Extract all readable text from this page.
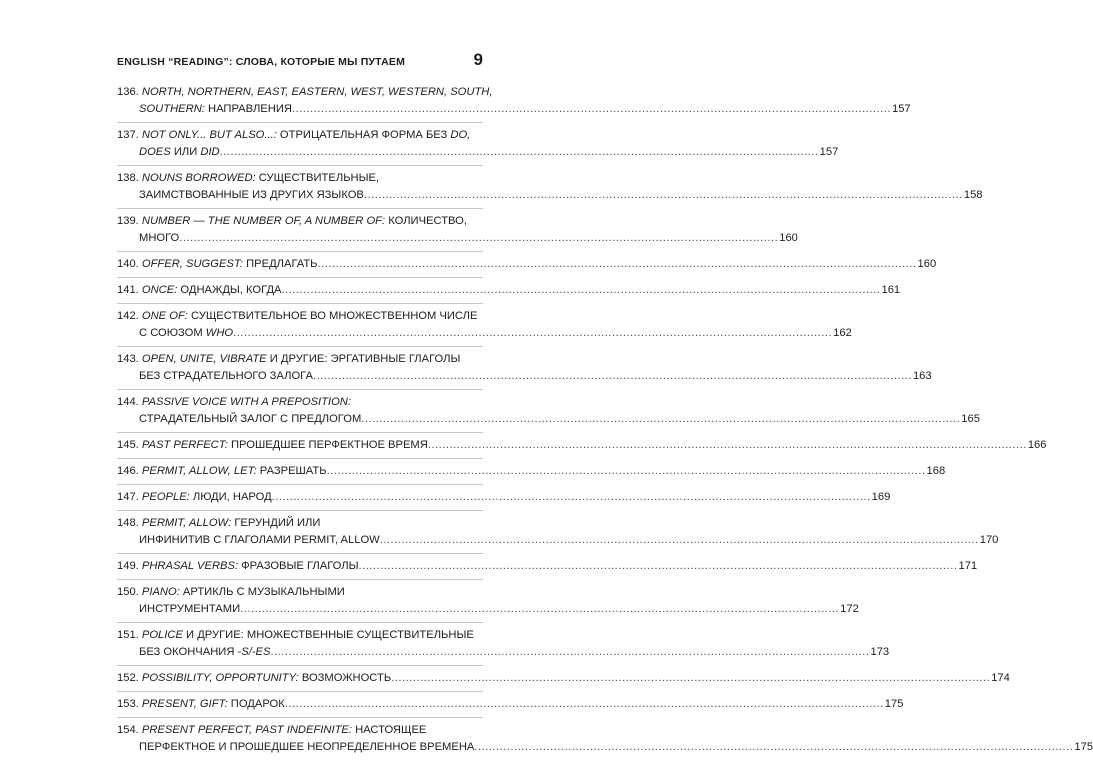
ENGLISH “READING”: СЛОВА, КОТОРЫЕ МЫ ПУТАЕМ	9
136. NORTH, NORTHERN, EAST, EASTERN, WEST, WESTERN, SOUTH,
SOUTHERN: НАПРАВЛЕНИЯ .....	157
137. NOT ONLY... BUT ALSO...: ОТРИЦАТЕЛЬНАЯ ФОРМА БЕЗ DO,
DOES ИЛИ DID .....	157
138. NOUNS BORROWED: СУЩЕСТВИТЕЛЬНЫЕ,
ЗАИМСТВОВАННЫЕ ИЗ ДРУГИХ ЯЗЫКОВ .....	158
139. NUMBER — THE NUMBER OF, A NUMBER OF: КОЛИЧЕСТВО,
МНОГО .....	160
140. OFFER, SUGGEST: ПРЕДЛАГАТЬ .....	160
141. ONCE: ОДНАЖДЫ, КОГДА .....	161
142. ONE OF: СУЩЕСТВИТЕЛЬНОЕ ВО МНОЖЕСТВЕННОМ ЧИСЛЕ
С СОЮЗОМ WHO .....	162
143. OPEN, UNITE, VIBRATE И ДРУГИЕ: ЭРГАТИВНЫЕ ГЛАГОЛЫ
БЕЗ СТРАДАТЕЛЬНОГО ЗАЛОГА .....	163
144. PASSIVE VOICE WITH A PREPOSITION:
СТРАДАТЕЛЬНЫЙ ЗАЛОГ С ПРЕДЛОГОМ .....	165
145. PAST PERFECT: ПРОШЕДШЕЕ ПЕРФЕКТНОЕ ВРЕМЯ .....	166
146. PERMIT, ALLOW, LET: РАЗРЕШАТЬ .....	168
147. PEOPLE: ЛЮДИ, НАРОД .....	169
148. PERMIT, ALLOW: ГЕРУНДИЙ ИЛИ
ИНФИНИТИВ С ГЛАГОЛАМИ PERMIT, ALLOW .....	170
149. PHRASAL VERBS: ФРАЗОВЫЕ ГЛАГОЛЫ .....	171
150. PIANO: АРТИКЛЬ С МУЗЫКАЛЬНЫМИ
ИНСТРУМЕНТАМИ .....	172
151. POLICE И ДРУГИЕ: МНОЖЕСТВЕННЫЕ СУЩЕСТВИТЕЛЬНЫЕ
БЕЗ ОКОНЧАНИЯ -S/-ES .....	173
152. POSSIBILITY, OPPORTUNITY: ВОЗМОЖНОСТЬ .....	174
153. PRESENT, GIFT: ПОДАРОК .....	175
154. PRESENT PERFECT, PAST INDEFINITE: НАСТОЯЩЕЕ
ПЕРФЕКТНОЕ И ПРОШЕДШЕЕ НЕОПРЕДЕЛЕННОЕ ВРЕМЕНА .....	175
